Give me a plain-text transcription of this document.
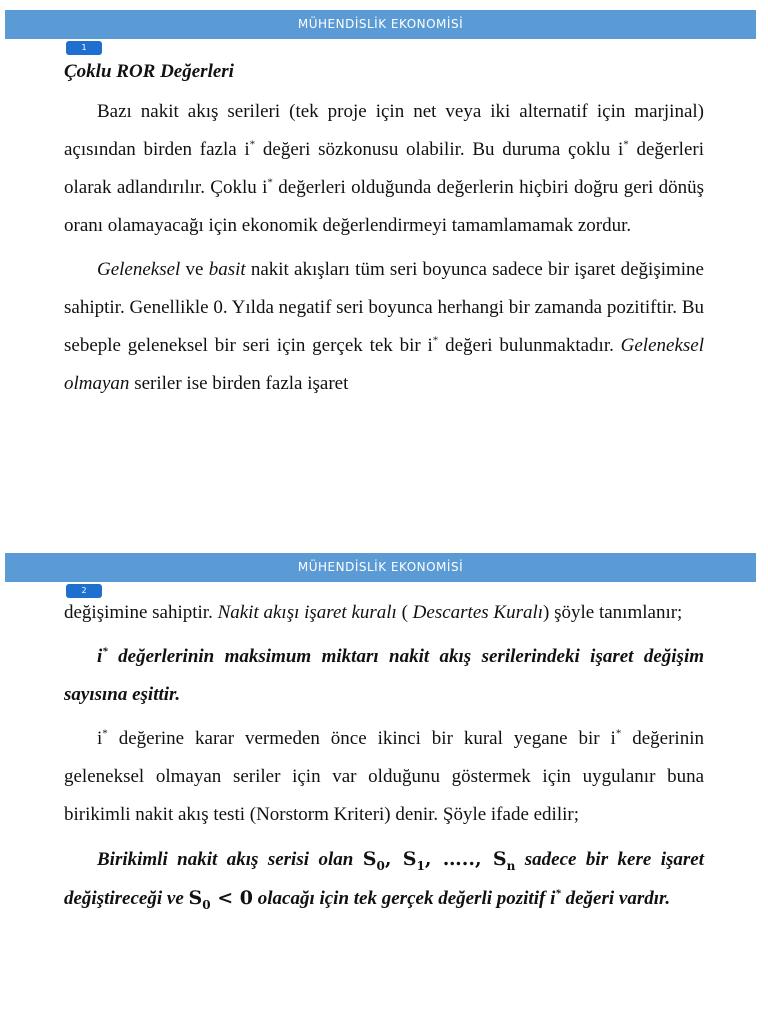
MÜHENDİSLİK EKONOMİSİ
1

Çoklu ROR Değerleri

Bazı nakit akış serileri (tek proje için net veya iki alternatif için marjinal) açısından birden fazla i* değeri sözkonusu olabilir. Bu duruma çoklu i* değerleri olarak adlandırılır. Çoklu i* değerleri olduğunda değerlerin hiçbiri doğru geri dönüş oranı olamayacağı için ekonomik değerlendirmeyi tamamlamamak zordur.

Geleneksel ve basit nakit akışları tüm seri boyunca sadece bir işaret değişimine sahiptir. Genellikle 0. Yılda negatif seri boyunca herhangi bir zamanda pozitiftir. Bu sebeple geleneksel bir seri için gerçek tek bir i* değeri bulunmaktadır. Geleneksel olmayan seriler ise birden fazla işaret

MÜHENDİSLİK EKONOMİSİ
2

değişimine sahiptir. Nakit akışı işaret kuralı ( Descartes Kuralı) şöyle tanımlanır;

i* değerlerinin maksimum miktarı nakit akış serilerindeki işaret değişim sayısına eşittir.

i* değerine karar vermeden önce ikinci bir kural yegane bir i* değerinin geleneksel olmayan seriler için var olduğunu göstermek için uygulanır buna birikimli nakit akış testi (Norstorm Kriteri) denir. Şöyle ifade edilir;

Birikimli nakit akış serisi olan $S_0$, $S_1$, ….., $S_n$ sadece bir kere işaret değiştireceği ve $S_0 < 0$ olacağı için tek gerçek değerli pozitif i* değeri vardır.
